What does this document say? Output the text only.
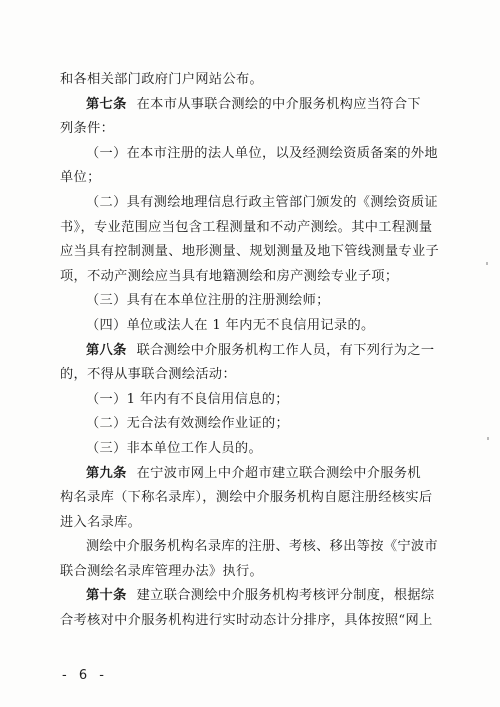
和各相关部门政府门户网站公布。
第七条 在本市从事联合测绘的中介服务机构应当符合下
列条件：
（一）在本市注册的法人单位，以及经测绘资质备案的外地
单位；
（二）具有测绘地理信息行政主管部门颁发的《测绘资质证
书》，专业范围应当包含工程测量和不动产测绘。其中工程测量
应当具有控制测量、地形测量、规划测量及地下管线测量专业子
项，不动产测绘应当具有地籍测绘和房产测绘专业子项；
（三）具有在本单位注册的注册测绘师；
（四）单位或法人在 1 年内无不良信用记录的。
第八条 联合测绘中介服务机构工作人员，有下列行为之一
的，不得从事联合测绘活动：
（一）1 年内有不良信用信息的；
（二）无合法有效测绘作业证的；
（三）非本单位工作人员的。
第九条 在宁波市网上中介超市建立联合测绘中介服务机
构名录库（下称名录库），测绘中介服务机构自愿注册经核实后
进入名录库。
测绘中介服务机构名录库的注册、考核、移出等按《宁波市
联合测绘名录库管理办法》执行。
第十条 建立联合测绘中介服务机构考核评分制度，根据综
合考核对中介服务机构进行实时动态计分排序，具体按照“网上
- 6 -
